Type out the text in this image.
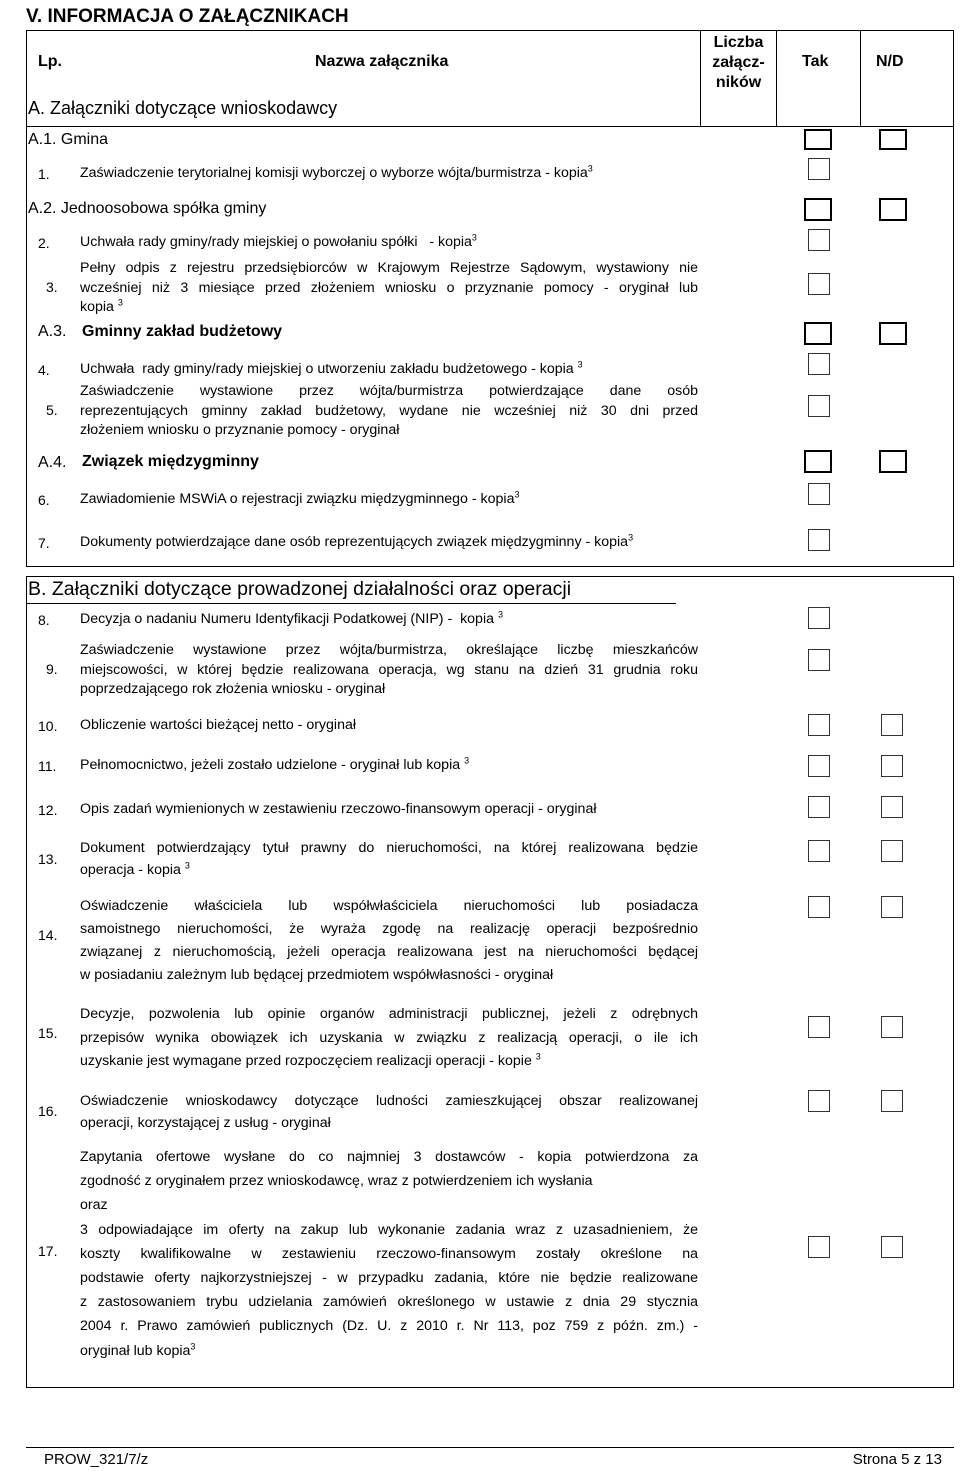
V. INFORMACJA O ZAŁĄCZNIKACH
Lp.	Nazwa załącznika
Liczba
załącz-
ników
Tak	N/D
A. Załączniki dotyczące wnioskodawcy
A.1. Gmina
1. Zaświadczenie terytorialnej komisji wyborczej o wyborze wójta/burmistrza - kopia$^3$
A.2. Jednoosobowa spółka gminy
2. Uchwała rady gminy/rady miejskiej o powołaniu spółki   - kopia$^3$
3.
Pełny odpis z rejestru przedsiębiorców w Krajowym Rejestrze Sądowym, wystawiony nie
wcześniej niż 3 miesiące przed złożeniem wniosku o przyznanie pomocy - oryginał lub
kopia $^3$
A.3. Gminny zakład budżetowy
4. Uchwała  rady gminy/rady miejskiej o utworzeniu zakładu budżetowego - kopia $^3$
5.
Zaświadczenie wystawione przez wójta/burmistrza potwierdzające dane osób
reprezentujących gminny zakład budżetowy, wydane nie wcześniej niż 30 dni przed
złożeniem wniosku o przyznanie pomocy - oryginał
A.4. Związek międzygminny
6. Zawiadomienie MSWiA o rejestracji związku międzygminnego - kopia$^3$
7. Dokumenty potwierdzające dane osób reprezentujących związek międzygminny - kopia$^3$
B. Załączniki dotyczące prowadzonej działalności oraz operacji
8. Decyzja o nadaniu Numeru Identyfikacji Podatkowej (NIP) -  kopia $^3$
9.
Zaświadczenie wystawione przez wójta/burmistrza, określające liczbę mieszkańców
miejscowości, w której będzie realizowana operacja, wg stanu na dzień 31 grudnia roku
poprzedzającego rok złożenia wniosku - oryginał
10. Obliczenie wartości bieżącej netto - oryginał
11. Pełnomocnictwo, jeżeli zostało udzielone - oryginał lub kopia $^3$
12. Opis zadań wymienionych w zestawieniu rzeczowo-finansowym operacji - oryginał
13.
Dokument potwierdzający tytuł prawny do nieruchomości, na której realizowana będzie
operacja - kopia $^3$
14.
Oświadczenie właściciela lub współwłaściciela nieruchomości lub posiadacza
samoistnego nieruchomości, że wyraża zgodę na realizację operacji bezpośrednio
związanej z nieruchomością, jeżeli operacja realizowana jest na nieruchomości będącej
w posiadaniu zależnym lub będącej przedmiotem współwłasności - oryginał
15.
Decyzje, pozwolenia lub opinie organów administracji publicznej, jeżeli z odrębnych
przepisów wynika obowiązek ich uzyskania w związku z realizacją operacji, o ile ich
uzyskanie jest wymagane przed rozpoczęciem realizacji operacji - kopie $^3$
16.
Oświadczenie wnioskodawcy dotyczące ludności zamieszkującej obszar realizowanej
operacji, korzystającej z usług - oryginał
17.
Zapytania ofertowe wysłane do co najmniej 3 dostawców - kopia potwierdzona za
zgodność z oryginałem przez wnioskodawcę, wraz z potwierdzeniem ich wysłania
oraz
3 odpowiadające im oferty na zakup lub wykonanie zadania wraz z uzasadnieniem, że
koszty kwalifikowalne w zestawieniu rzeczowo-finansowym zostały określone na
podstawie oferty najkorzystniejszej - w przypadku zadania, które nie będzie realizowane
z zastosowaniem trybu udzielania zamówień określonego w ustawie z dnia 29 stycznia
2004 r. Prawo zamówień publicznych (Dz. U. z 2010 r. Nr 113, poz 759 z późn. zm.) -
oryginał lub kopia$^3$
PROW_321/7/z	Strona 5 z 13
